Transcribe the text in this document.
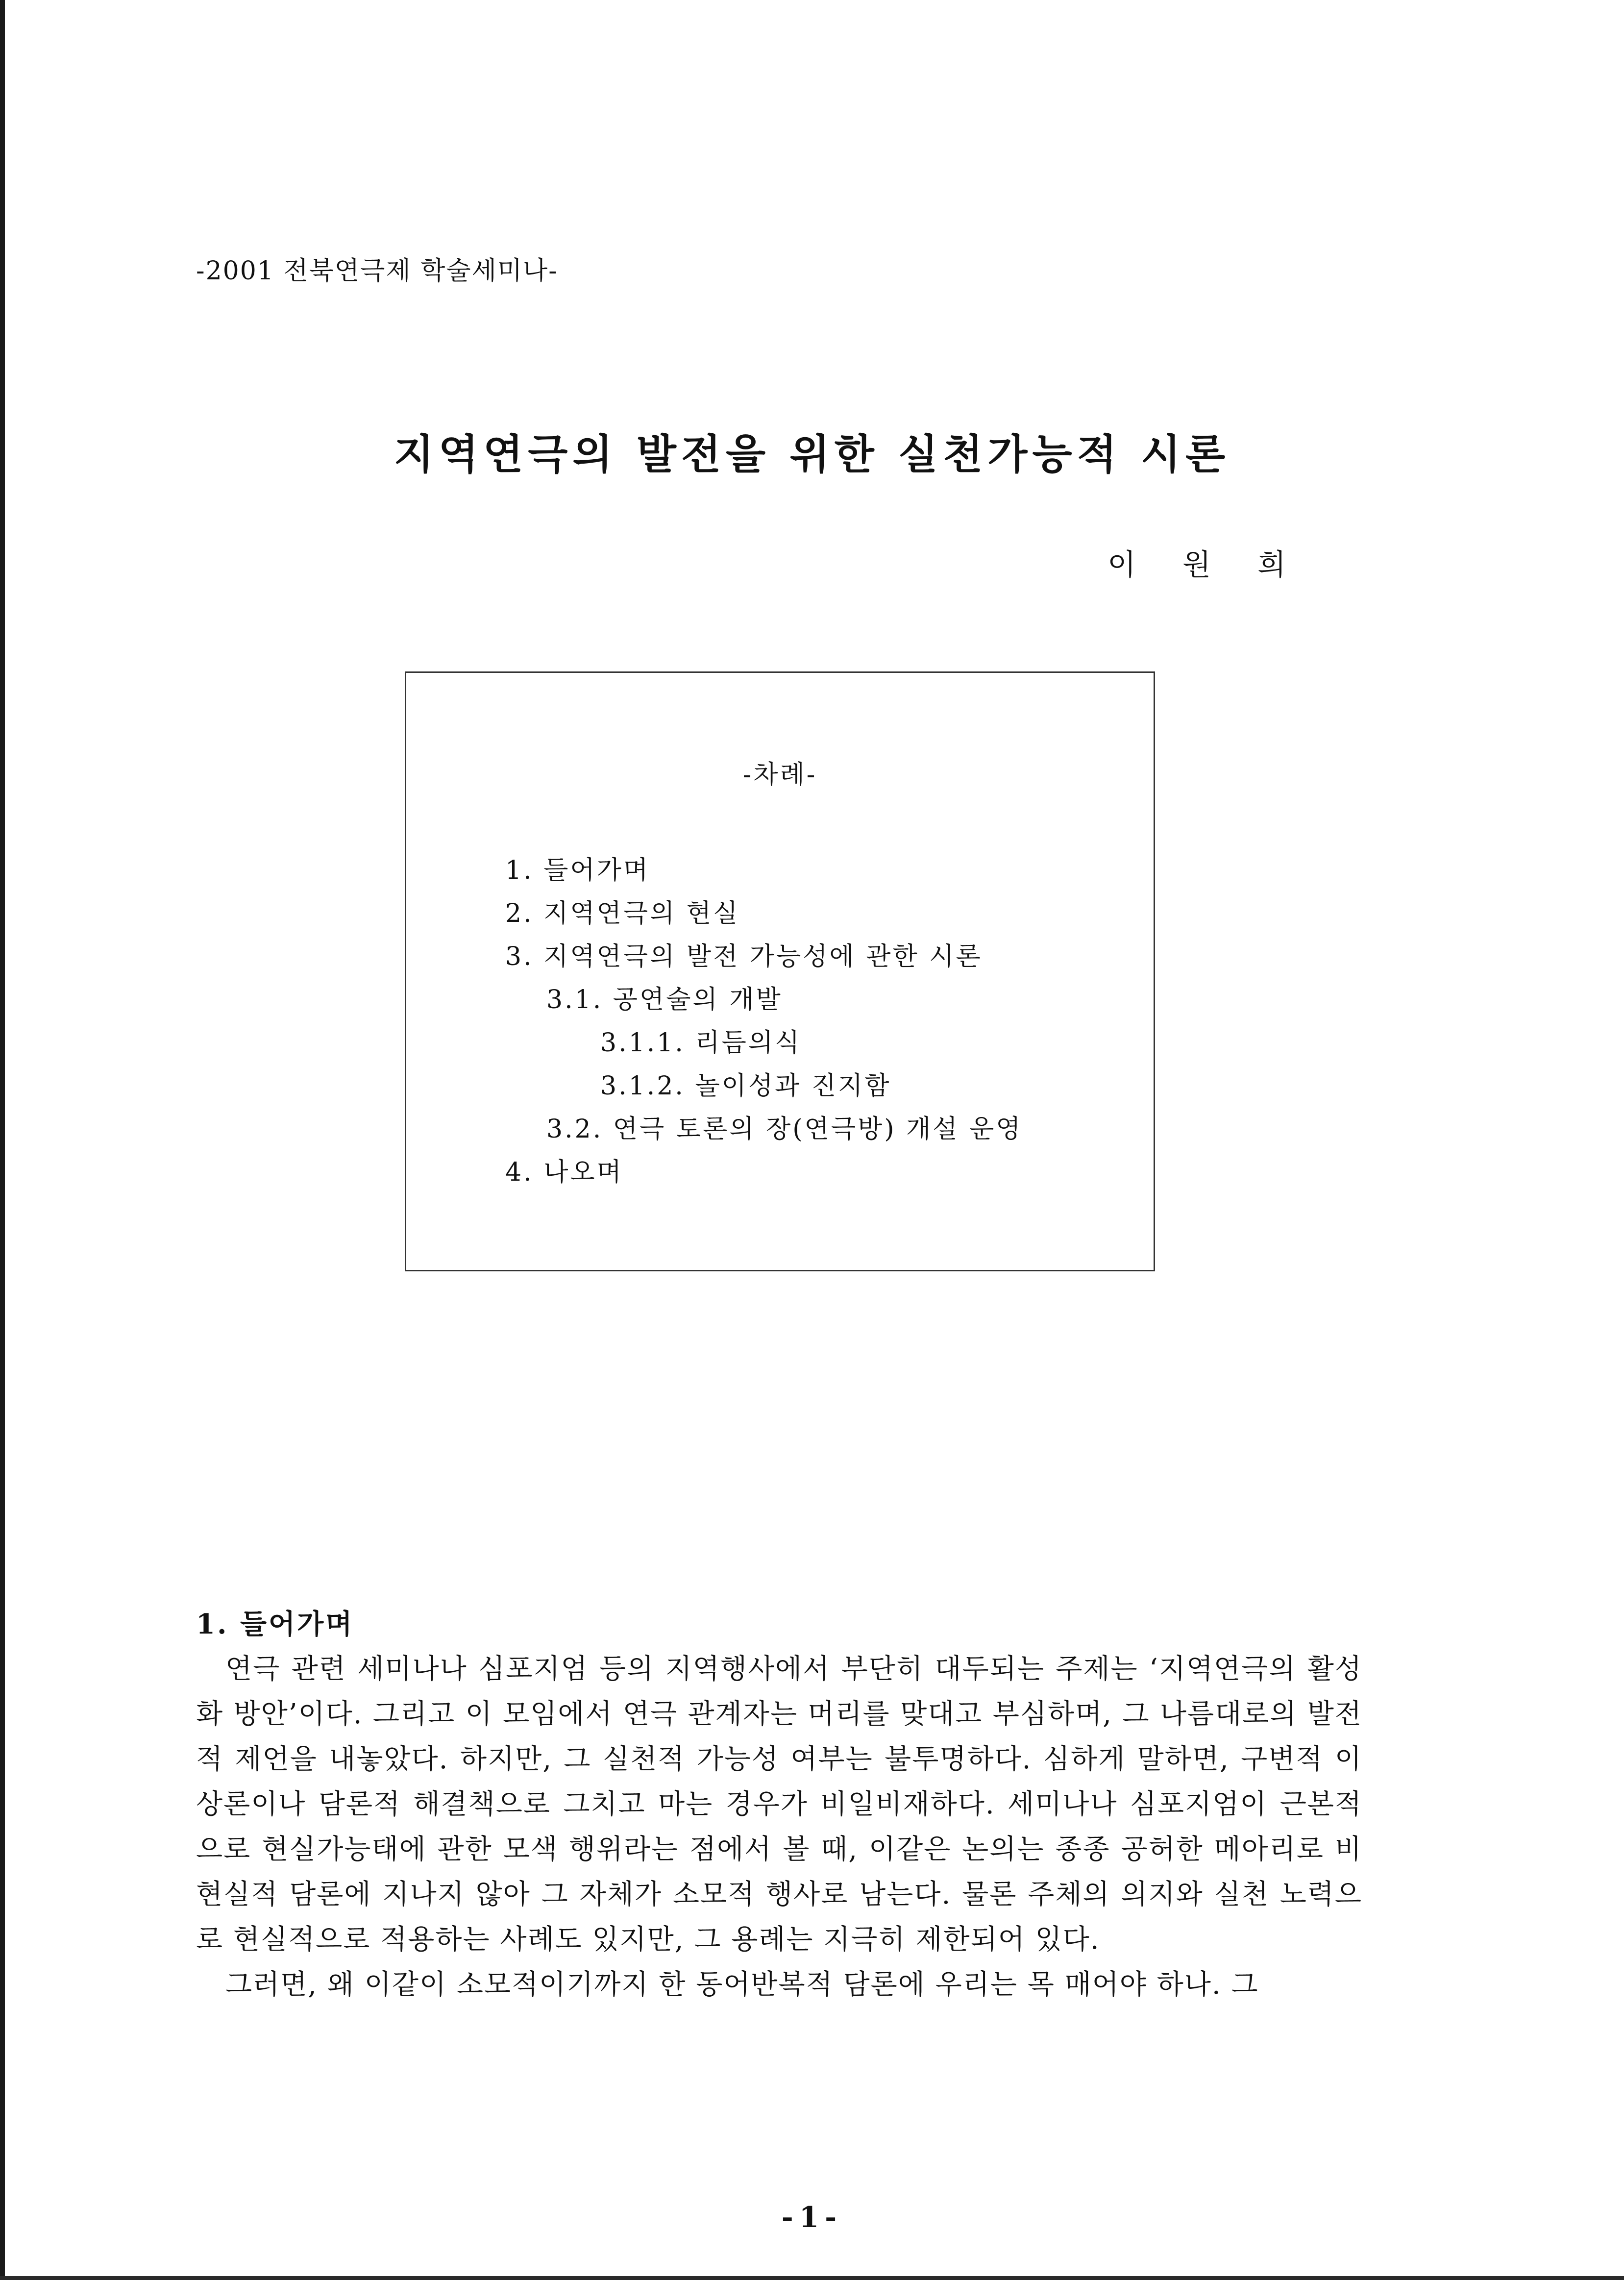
-2001 전북연극제 학술세미나-
지역연극의 발전을 위한 실천가능적 시론
이 원 희
-차례-
1. 들어가며
2. 지역연극의 현실
3. 지역연극의 발전 가능성에 관한 시론
3.1. 공연술의 개발
3.1.1. 리듬의식
3.1.2. 놀이성과 진지함
3.2. 연극 토론의 장(연극방) 개설 운영
4. 나오며
1. 들어가며

연극 관련 세미나나 심포지엄 등의 지역행사에서 부단히 대두되는 주제는 ‘지역연극의 활성화 방안’이다. 그리고 이 모임에서 연극 관계자는 머리를 맞대고 부심하며, 그 나름대로의 발전적 제언을 내놓았다. 하지만, 그 실천적 가능성 여부는 불투명하다. 심하게 말하면, 구변적 이상론이나 담론적 해결책으로 그치고 마는 경우가 비일비재하다. 세미나나 심포지엄이 근본적으로 현실가능태에 관한 모색 행위라는 점에서 볼 때, 이같은 논의는 종종 공허한 메아리로 비현실적 담론에 지나지 않아 그 자체가 소모적 행사로 남는다. 물론 주체의 의지와 실천 노력으로 현실적으로 적용하는 사례도 있지만, 그 용례는 지극히 제한되어 있다.

그러면, 왜 이같이 소모적이기까지 한 동어반복적 담론에 우리는 목 매어야 하나. 그

-1-
